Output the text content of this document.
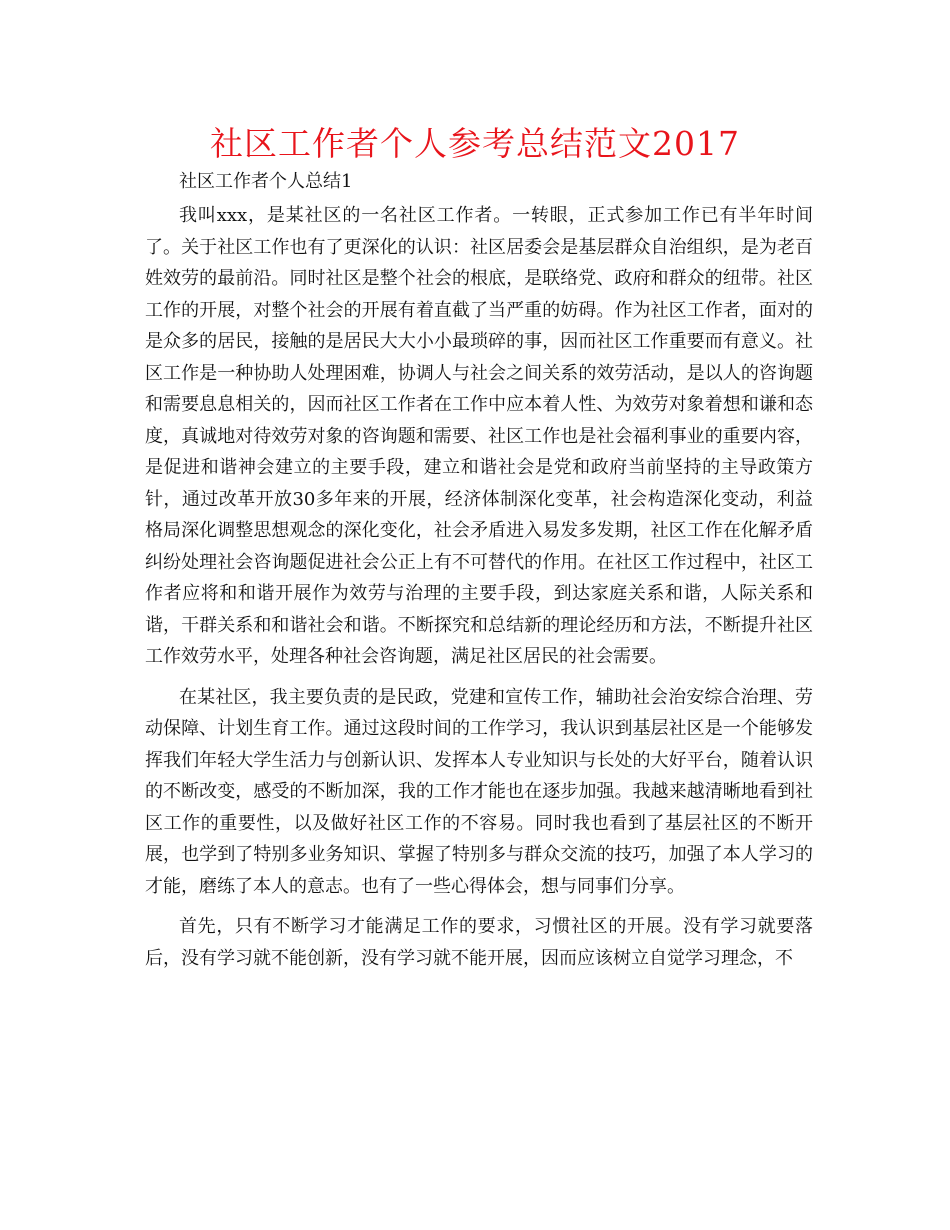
社区工作者个人参考总结范文2017

社区工作者个人总结1

我叫xxx，是某社区的一名社区工作者。一转眼，正式参加工作已有半年时间了。关于社区工作也有了更深化的认识：社区居委会是基层群众自治组织，是为老百姓效劳的最前沿。同时社区是整个社会的根底，是联络党、政府和群众的纽带。社区工作的开展，对整个社会的开展有着直截了当严重的妨碍。作为社区工作者，面对的是众多的居民，接触的是居民大大小小最琐碎的事，因而社区工作重要而有意义。社区工作是一种协助人处理困难，协调人与社会之间关系的效劳活动，是以人的咨询题和需要息息相关的，因而社区工作者在工作中应本着人性、为效劳对象着想和谦和态度，真诚地对待效劳对象的咨询题和需要、社区工作也是社会福利事业的重要内容，是促进和谐神会建立的主要手段，建立和谐社会是党和政府当前坚持的主导政策方针，通过改革开放30多年来的开展，经济体制深化变革，社会构造深化变动，利益格局深化调整思想观念的深化变化，社会矛盾进入易发多发期，社区工作在化解矛盾纠纷处理社会咨询题促进社会公正上有不可替代的作用。在社区工作过程中，社区工作者应将和和谐开展作为效劳与治理的主要手段，到达家庭关系和谐，人际关系和谐，干群关系和和谐社会和谐。不断探究和总结新的理论经历和方法，不断提升社区工作效劳水平，处理各种社会咨询题，满足社区居民的社会需要。

在某社区，我主要负责的是民政，党建和宣传工作，辅助社会治安综合治理、劳动保障、计划生育工作。通过这段时间的工作学习，我认识到基层社区是一个能够发挥我们年轻大学生活力与创新认识、发挥本人专业知识与长处的大好平台，随着认识的不断改变，感受的不断加深，我的工作才能也在逐步加强。我越来越清晰地看到社区工作的重要性，以及做好社区工作的不容易。同时我也看到了基层社区的不断开展，也学到了特别多业务知识、掌握了特别多与群众交流的技巧，加强了本人学习的才能，磨练了本人的意志。也有了一些心得体会，想与同事们分享。

首先，只有不断学习才能满足工作的要求，习惯社区的开展。没有学习就要落后，没有学习就不能创新，没有学习就不能开展，因而应该树立自觉学习理念，不
